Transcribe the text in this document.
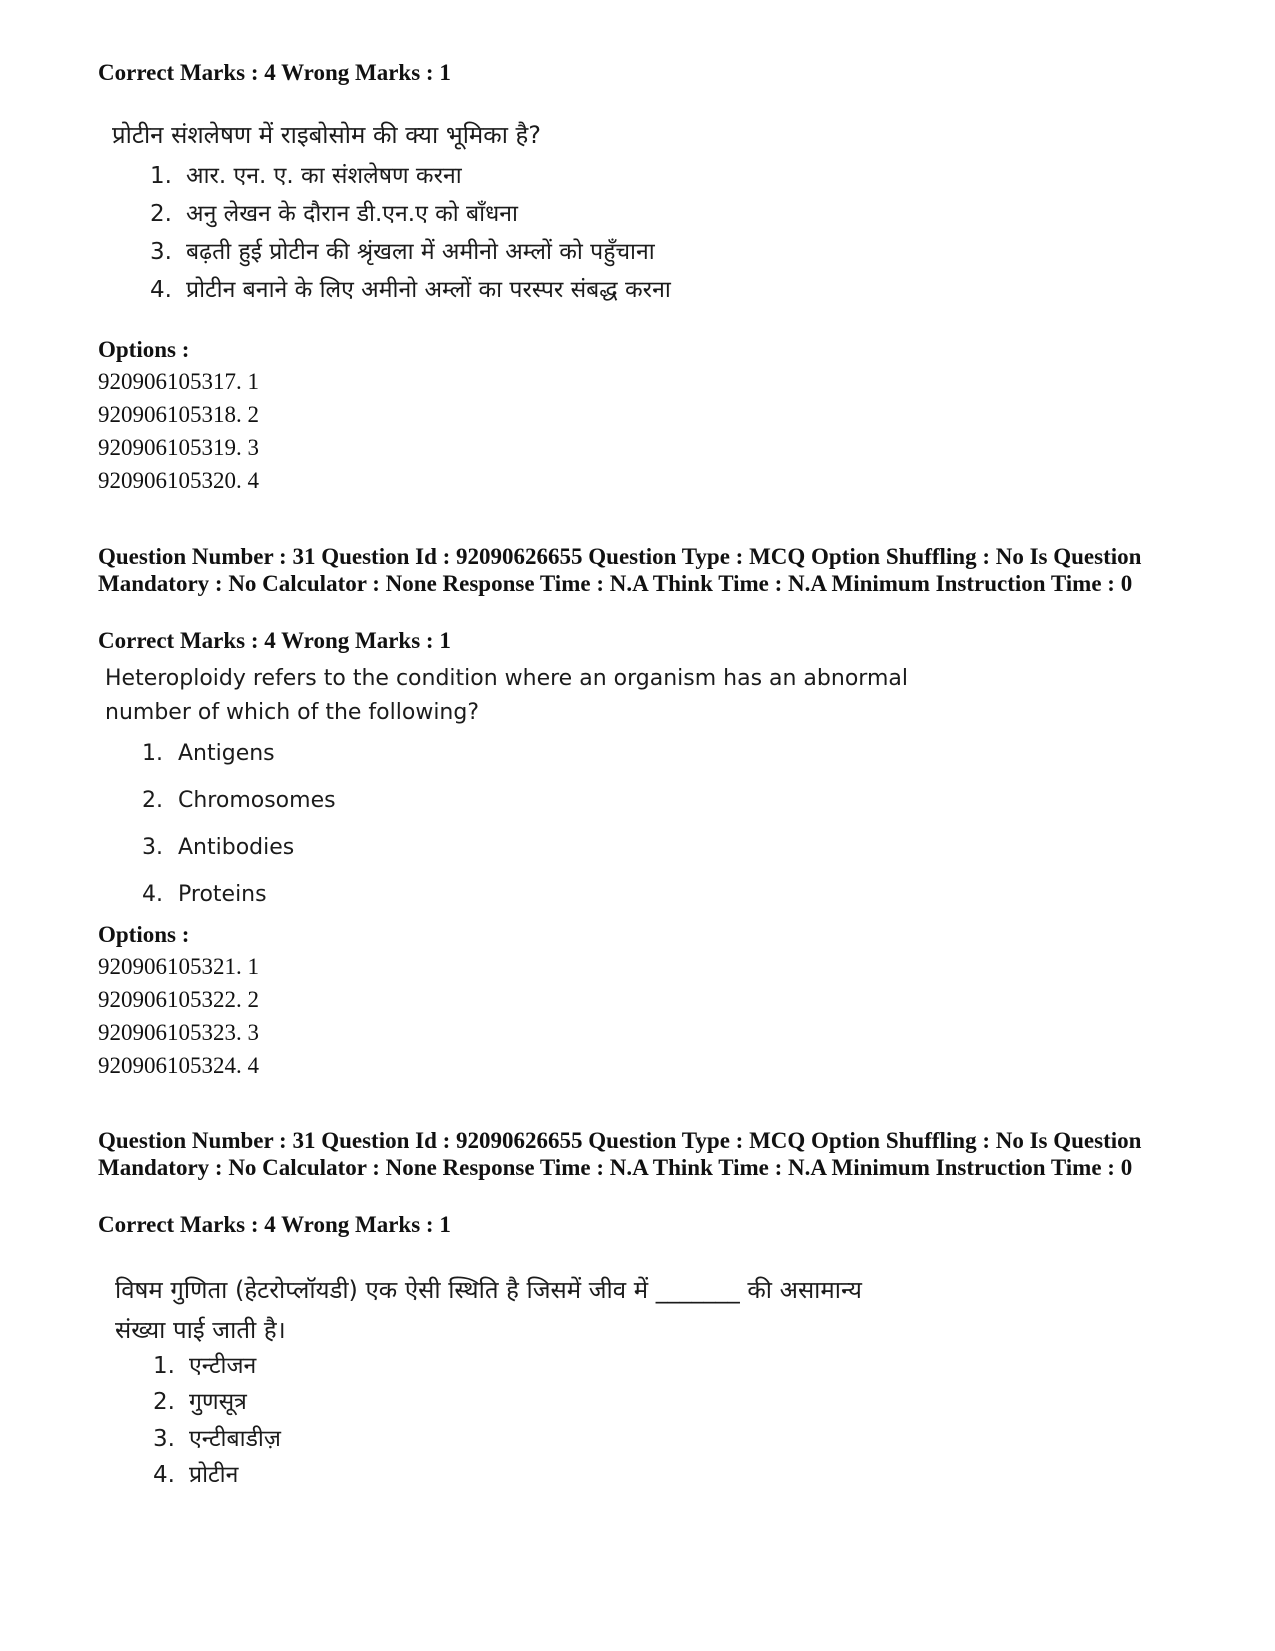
Correct Marks : 4 Wrong Marks : 1
प्रोटीन संशलेषण में राइबोसोम की क्या भूमिका है?
1. आर. एन. ए. का संशलेषण करना
2. अनु लेखन के दौरान डी.एन.ए को बाँधना
3. बढ़ती हुई प्रोटीन की श्रृंखला में अमीनो अम्लों को पहुँचाना
4. प्रोटीन बनाने के लिए अमीनो अम्लों का परस्पर संबद्ध करना
Options :
920906105317. 1
920906105318. 2
920906105319. 3
920906105320. 4
Question Number : 31 Question Id : 92090626655 Question Type : MCQ Option Shuffling : No Is Question Mandatory : No Calculator : None Response Time : N.A Think Time : N.A Minimum Instruction Time : 0
Correct Marks : 4 Wrong Marks : 1
Heteroploidy refers to the condition where an organism has an abnormal
number of which of the following?
1. Antigens
2. Chromosomes
3. Antibodies
4. Proteins
Options :
920906105321. 1
920906105322. 2
920906105323. 3
920906105324. 4
Question Number : 31 Question Id : 92090626655 Question Type : MCQ Option Shuffling : No Is Question Mandatory : No Calculator : None Response Time : N.A Think Time : N.A Minimum Instruction Time : 0
Correct Marks : 4 Wrong Marks : 1
विषम गुणिता (हेटरोप्लॉयडी) एक ऐसी स्थिति है जिसमें जीव में _______ की असामान्य
संख्या पाई जाती है।
1. एन्टीजन
2. गुणसूत्र
3. एन्टीबाडीज़
4. प्रोटीन
